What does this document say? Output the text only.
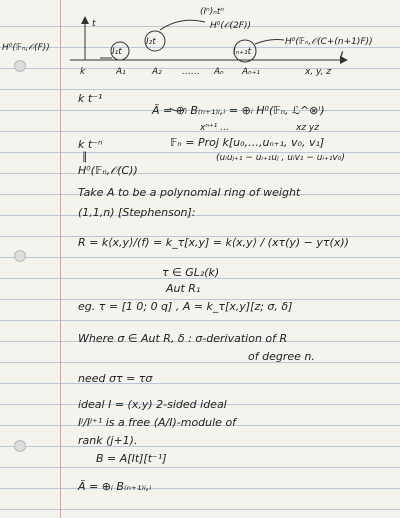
H⁰(𝔽ₙ,𝒪(F))
t
I₁t
I₂t
Iₙ₊₁t
(Iⁿ)ₙtⁿ
H⁰(𝒪(2F))
H⁰(𝔽ₙ,𝒪(C+(n+1)F))
ℓ
k	A₁	A₂ …… Aₙ Aₙ₊₁	x, y, z
k t⁻¹
Ã = ⊕ᵢ B₍ₙ₊₁₎ᵢ,ᵢ = ⊕ᵢ H⁰(𝔽ₙ, ℒ^⊗ⁱ)
xⁿ⁺¹ …	xz yz
k t⁻ⁿ	𝔽ₙ = Proj k[u₀,…,uₙ₊₁, v₀, v₁]
(uᵢuⱼ₊₁ − uᵢ₊₁uⱼ , uᵢv₁ − uᵢ₊₁v₀)
∥
H⁰(𝔽ₙ,𝒪(C))
Take A to be a polynomial ring of weight
(1,1,n) [Stephenson]:
R = k⟨x,y⟩/(f) = k_τ[x,y] = k⟨x,y⟩ / (xτ(y) − yτ(x))
τ ∈ GL₂(k)
Aut R₁
eg. τ = [1 0; 0 q] , A = k_τ[x,y][z; σ, δ]
Where σ ∈ Aut R, δ : σ-derivation of R
of degree n.
need στ = τσ
ideal I = (x,y) 2-sided ideal
Iʲ/Iʲ⁺¹ is a free (A/I)-module of
rank (j+1).
B = A[It][t⁻¹]
Ã = ⊕ᵢ B₍ₙ₊₁₎ᵢ,ᵢ
